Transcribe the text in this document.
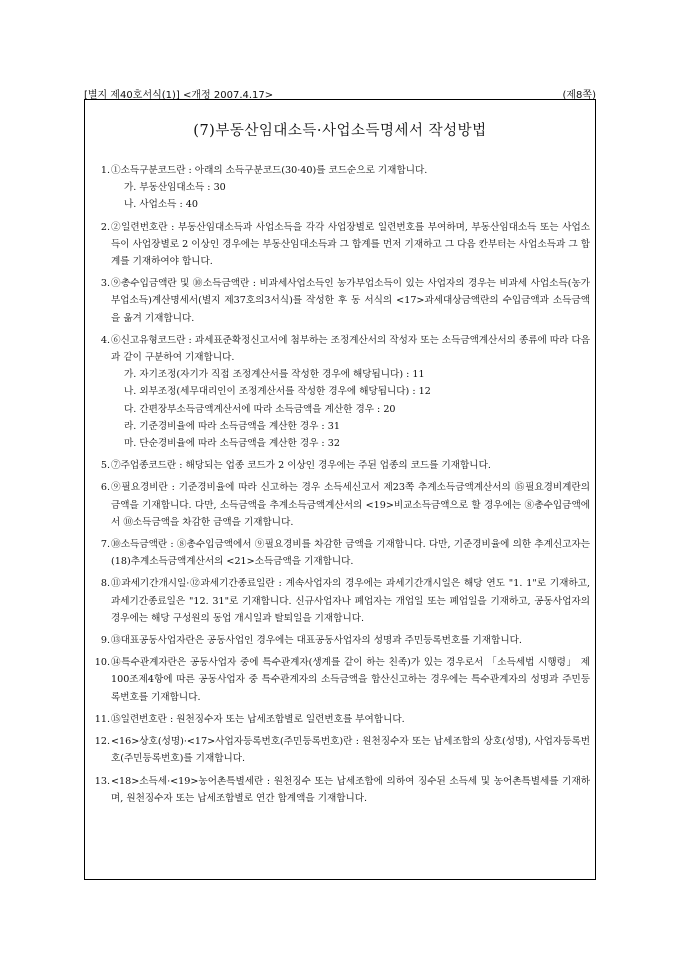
[별지 제40호서식(1)] <개정 2007.4.17>	(제8쪽)
(7)부동산임대소득·사업소득명세서 작성방법
1. ①소득구분코드란 : 아래의 소득구분코드(30·40)를 코드순으로 기재합니다.
가. 부동산임대소득 : 30
나. 사업소득 : 40
2. ②일련번호란 : 부동산임대소득과 사업소득을 각각 사업장별로 일련번호를 부여하며, 부동산임대소득 또는 사업소득이 사업장별로 2 이상인 경우에는 부동산임대소득과 그 합계를 먼저 기재하고 그 다음 칸부터는 사업소득과 그 합계를 기재하여야 합니다.
3. ⑨총수입금액란 및 ⑩소득금액란 : 비과세사업소득인 농가부업소득이 있는 사업자의 경우는 비과세 사업소득(농가부업소득)계산명세서(별지 제37호의3서식)를 작성한 후 동 서식의 <17>과세대상금액란의 수입금액과 소득금액을 옮겨 기재합니다.
4. ⑥신고유형코드란 : 과세표준확정신고서에 첨부하는 조정계산서의 작성자 또는 소득금액계산서의 종류에 따라 다음과 같이 구분하여 기재합니다.
가. 자기조정(자기가 직접 조정계산서를 작성한 경우에 해당됩니다) : 11
나. 외부조정(세무대리인이 조정계산서를 작성한 경우에 해당됩니다) : 12
다. 간편장부소득금액계산서에 따라 소득금액을 계산한 경우 : 20
라. 기준경비율에 따라 소득금액을 계산한 경우 : 31
마. 단순경비율에 따라 소득금액을 계산한 경우 : 32
5. ⑦주업종코드란 : 해당되는 업종 코드가 2 이상인 경우에는 주된 업종의 코드를 기재합니다.
6. ⑨필요경비란 : 기준경비율에 따라 신고하는 경우 소득세신고서 제23쪽 추계소득금액계산서의 ⑮필요경비계란의 금액을 기재합니다. 다만, 소득금액을 추계소득금액계산서의 <19>비교소득금액으로 할 경우에는 ⑧총수입금액에서 ⑩소득금액을 차감한 금액을 기재합니다.
7. ⑩소득금액란 : ⑧총수입금액에서 ⑨필요경비를 차감한 금액을 기재합니다. 다만, 기준경비율에 의한 추계신고자는 (18)추계소득금액계산서의 <21>소득금액을 기재합니다.
8. ⑪과세기간개시일·⑫과세기간종료일란 : 계속사업자의 경우에는 과세기간개시일은 해당 연도 "1. 1"로 기재하고, 과세기간종료일은 "12. 31"로 기재합니다. 신규사업자나 폐업자는 개업일 또는 폐업일을 기재하고, 공동사업자의 경우에는 해당 구성원의 동업 개시일과 탈퇴일을 기재합니다.
9. ⑬대표공동사업자란은 공동사업인 경우에는 대표공동사업자의 성명과 주민등록번호를 기재합니다.
10. ⑭특수관계자란은 공동사업자 중에 특수관계자(생계를 같이 하는 친족)가 있는 경우로서 「소득세법 시행령」 제100조제4항에 따른 공동사업자 중 특수관계자의 소득금액을 합산신고하는 경우에는 특수관계자의 성명과 주민등록번호를 기재합니다.
11. ⑮일련번호란 : 원천징수자 또는 납세조합별로 일련번호를 부여합니다.
12. <16>상호(성명)·<17>사업자등록번호(주민등록번호)란 : 원천징수자 또는 납세조합의 상호(성명), 사업자등록번호(주민등록번호)를 기재합니다.
13. <18>소득세·<19>농어촌특별세란 : 원천징수 또는 납세조합에 의하여 징수된 소득세 및 농어촌특별세를 기재하며, 원천징수자 또는 납세조합별로 연간 합계액을 기재합니다.
